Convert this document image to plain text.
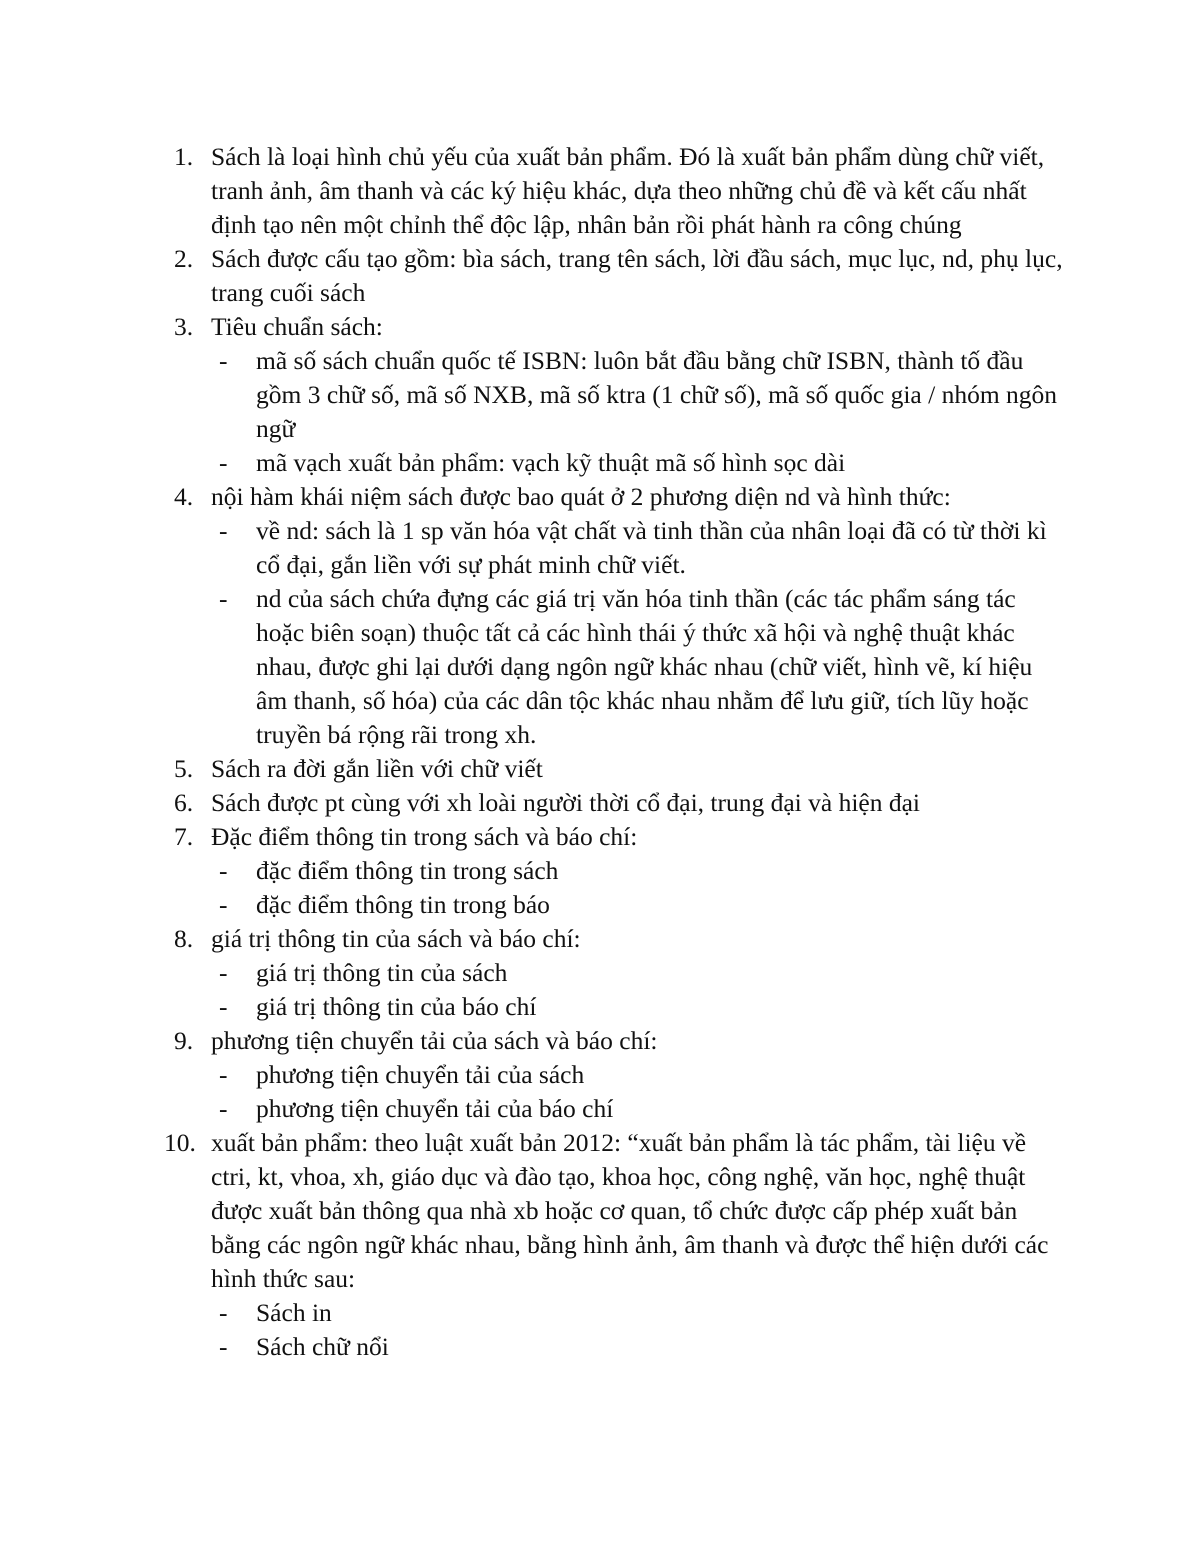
1. Sách là loại hình chủ yếu của xuất bản phẩm. Đó là xuất bản phẩm dùng chữ viết, tranh ảnh, âm thanh và các ký hiệu khác, dựa theo những chủ đề và kết cấu nhất định tạo nên một chỉnh thể độc lập, nhân bản rồi phát hành ra công chúng
2. Sách được cấu tạo gồm: bìa sách, trang tên sách, lời đầu sách, mục lục, nd, phụ lục, trang cuối sách
3. Tiêu chuẩn sách:
- mã số sách chuẩn quốc tế ISBN: luôn bắt đầu bằng chữ ISBN, thành tố đầu gồm 3 chữ số, mã số NXB, mã số ktra (1 chữ số), mã số quốc gia / nhóm ngôn ngữ
- mã vạch xuất bản phẩm: vạch kỹ thuật mã số hình sọc dài
4. nội hàm khái niệm sách được bao quát ở 2 phương diện nd và hình thức:
- về nd: sách là 1 sp văn hóa vật chất và tinh thần của nhân loại đã có từ thời kì cổ đại, gắn liền với sự phát minh chữ viết.
- nd của sách chứa đựng các giá trị văn hóa tinh thần (các tác phẩm sáng tác hoặc biên soạn) thuộc tất cả các hình thái ý thức xã hội và nghệ thuật khác nhau, được ghi lại dưới dạng ngôn ngữ khác nhau (chữ viết, hình vẽ, kí hiệu âm thanh, số hóa) của các dân tộc khác nhau nhằm để lưu giữ, tích lũy hoặc truyền bá rộng rãi trong xh.
5. Sách ra đời gắn liền với chữ viết
6. Sách được pt cùng với xh loài người thời cổ đại, trung đại và hiện đại
7. Đặc điểm thông tin trong sách và báo chí:
- đặc điểm thông tin trong sách
- đặc điểm thông tin trong báo
8. giá trị thông tin của sách và báo chí:
- giá trị thông tin của sách
- giá trị thông tin của báo chí
9. phương tiện chuyển tải của sách và báo chí:
- phương tiện chuyển tải của sách
- phương tiện chuyển tải của báo chí
10. xuất bản phẩm: theo luật xuất bản 2012: “xuất bản phẩm là tác phẩm, tài liệu về ctri, kt, vhoa, xh, giáo dục và đào tạo, khoa học, công nghệ, văn học, nghệ thuật được xuất bản thông qua nhà xb hoặc cơ quan, tổ chức được cấp phép xuất bản bằng các ngôn ngữ khác nhau, bằng hình ảnh, âm thanh và được thể hiện dưới các hình thức sau:
- Sách in
- Sách chữ nổi
